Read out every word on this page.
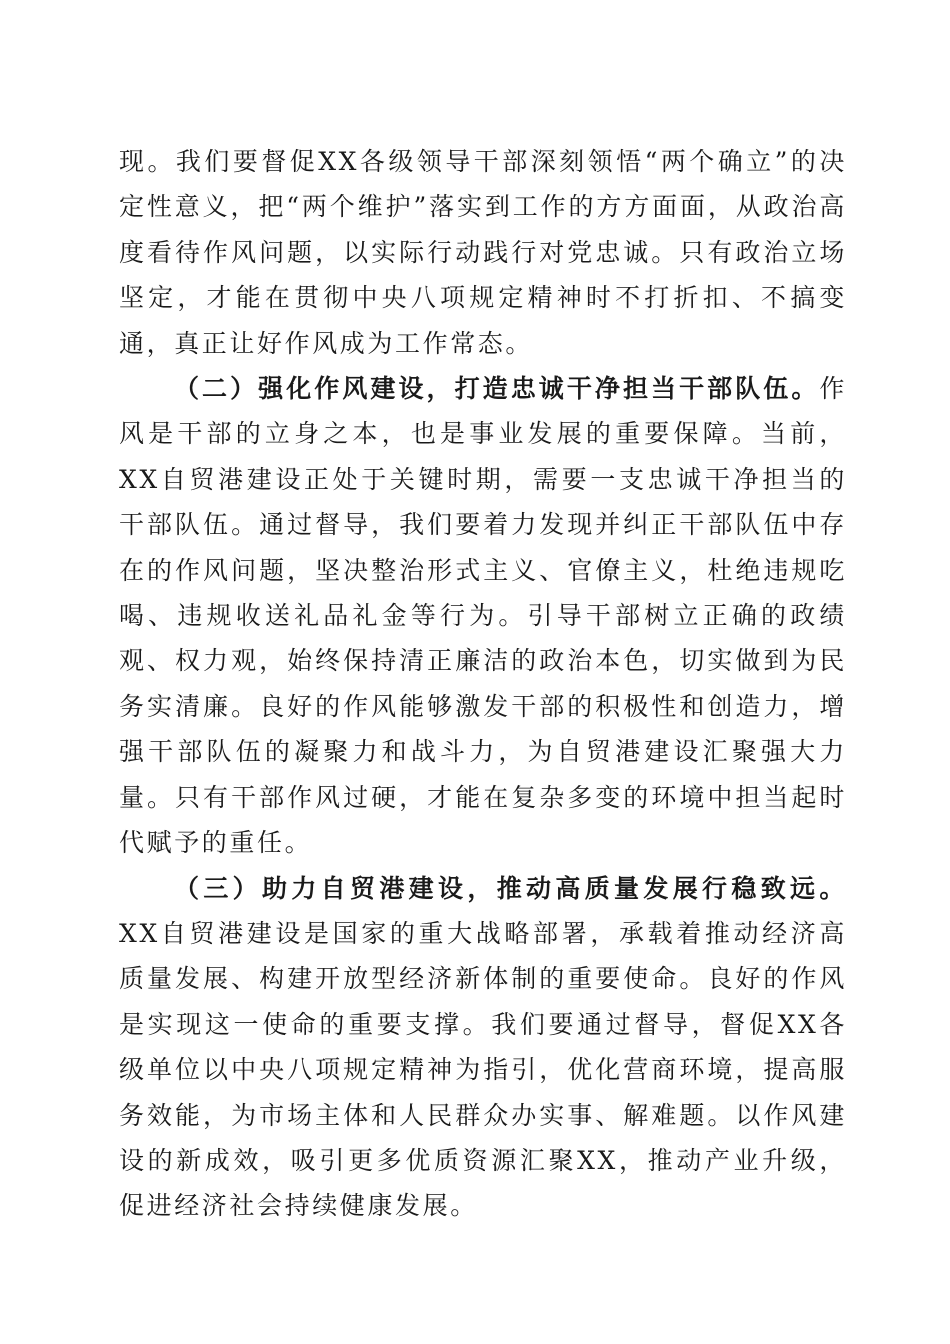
现。我们要督促XX各级领导干部深刻领悟“两个确立”的决定性意义，把“两个维护”落实到工作的方方面面，从政治高度看待作风问题，以实际行动践行对党忠诚。只有政治立场坚定，才能在贯彻中央八项规定精神时不打折扣、不搞变通，真正让好作风成为工作常态。

（二）强化作风建设，打造忠诚干净担当干部队伍。作风是干部的立身之本，也是事业发展的重要保障。当前，XX自贸港建设正处于关键时期，需要一支忠诚干净担当的干部队伍。通过督导，我们要着力发现并纠正干部队伍中存在的作风问题，坚决整治形式主义、官僚主义，杜绝违规吃喝、违规收送礼品礼金等行为。引导干部树立正确的政绩观、权力观，始终保持清正廉洁的政治本色，切实做到为民务实清廉。良好的作风能够激发干部的积极性和创造力，增强干部队伍的凝聚力和战斗力，为自贸港建设汇聚强大力量。只有干部作风过硬，才能在复杂多变的环境中担当起时代赋予的重任。

（三）助力自贸港建设，推动高质量发展行稳致远。XX自贸港建设是国家的重大战略部署，承载着推动经济高质量发展、构建开放型经济新体制的重要使命。良好的作风是实现这一使命的重要支撑。我们要通过督导，督促XX各级单位以中央八项规定精神为指引，优化营商环境，提高服务效能，为市场主体和人民群众办实事、解难题。以作风建设的新成效，吸引更多优质资源汇聚XX，推动产业升级，促进经济社会持续健康发展。
